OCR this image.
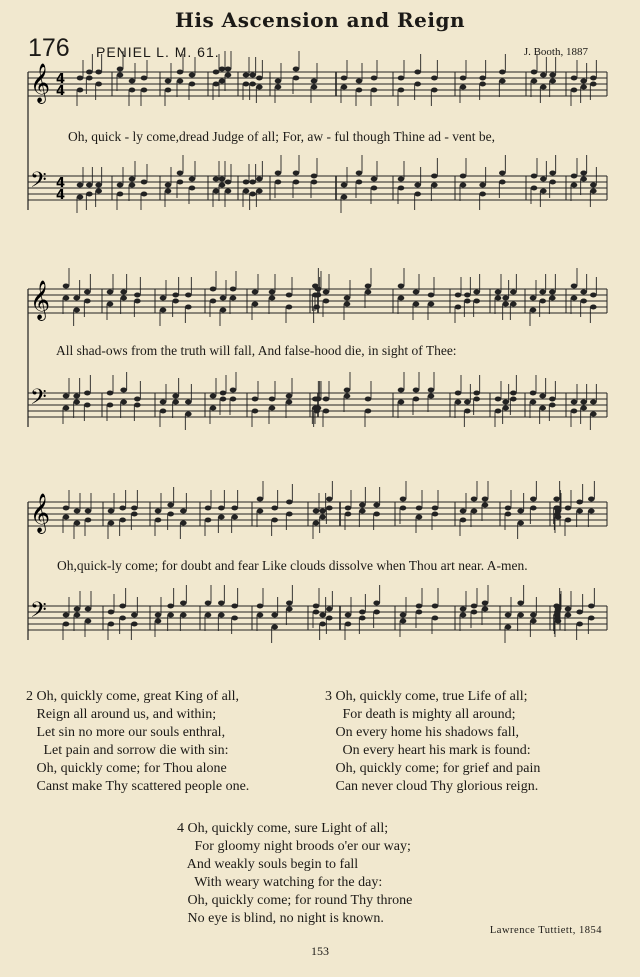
His Ascension and Reign
176 PENIEL L. M. 61.	J. Booth, 1887
𝄞 4
4
𝄢 4
4
Oh, quick - ly come,dread Judge of all; For, aw - ful though Thine ad - vent be,
𝄞
𝄢
All shad-ows from the truth will fall, And false-hood die, in sight of Thee:
𝄞
𝄢
Oh,quick-ly come; for doubt and fear Like clouds dissolve when Thou art near. A-men.
2 Oh, quickly come, great King of all,
Reign all around us, and within;
Let sin no more our souls enthral,
Let pain and sorrow die with sin:
Oh, quickly come; for Thou alone
Canst make Thy scattered people one.
3 Oh, quickly come, true Life of all;
For death is mighty all around;
On every home his shadows fall,
On every heart his mark is found:
Oh, quickly come; for grief and pain
Can never cloud Thy glorious reign.
4 Oh, quickly come, sure Light of all;
For gloomy night broods o'er our way;
And weakly souls begin to fall
With weary watching for the day:
Oh, quickly come; for round Thy throne
No eye is blind, no night is known.
Lawrence Tuttiett, 1854
153
